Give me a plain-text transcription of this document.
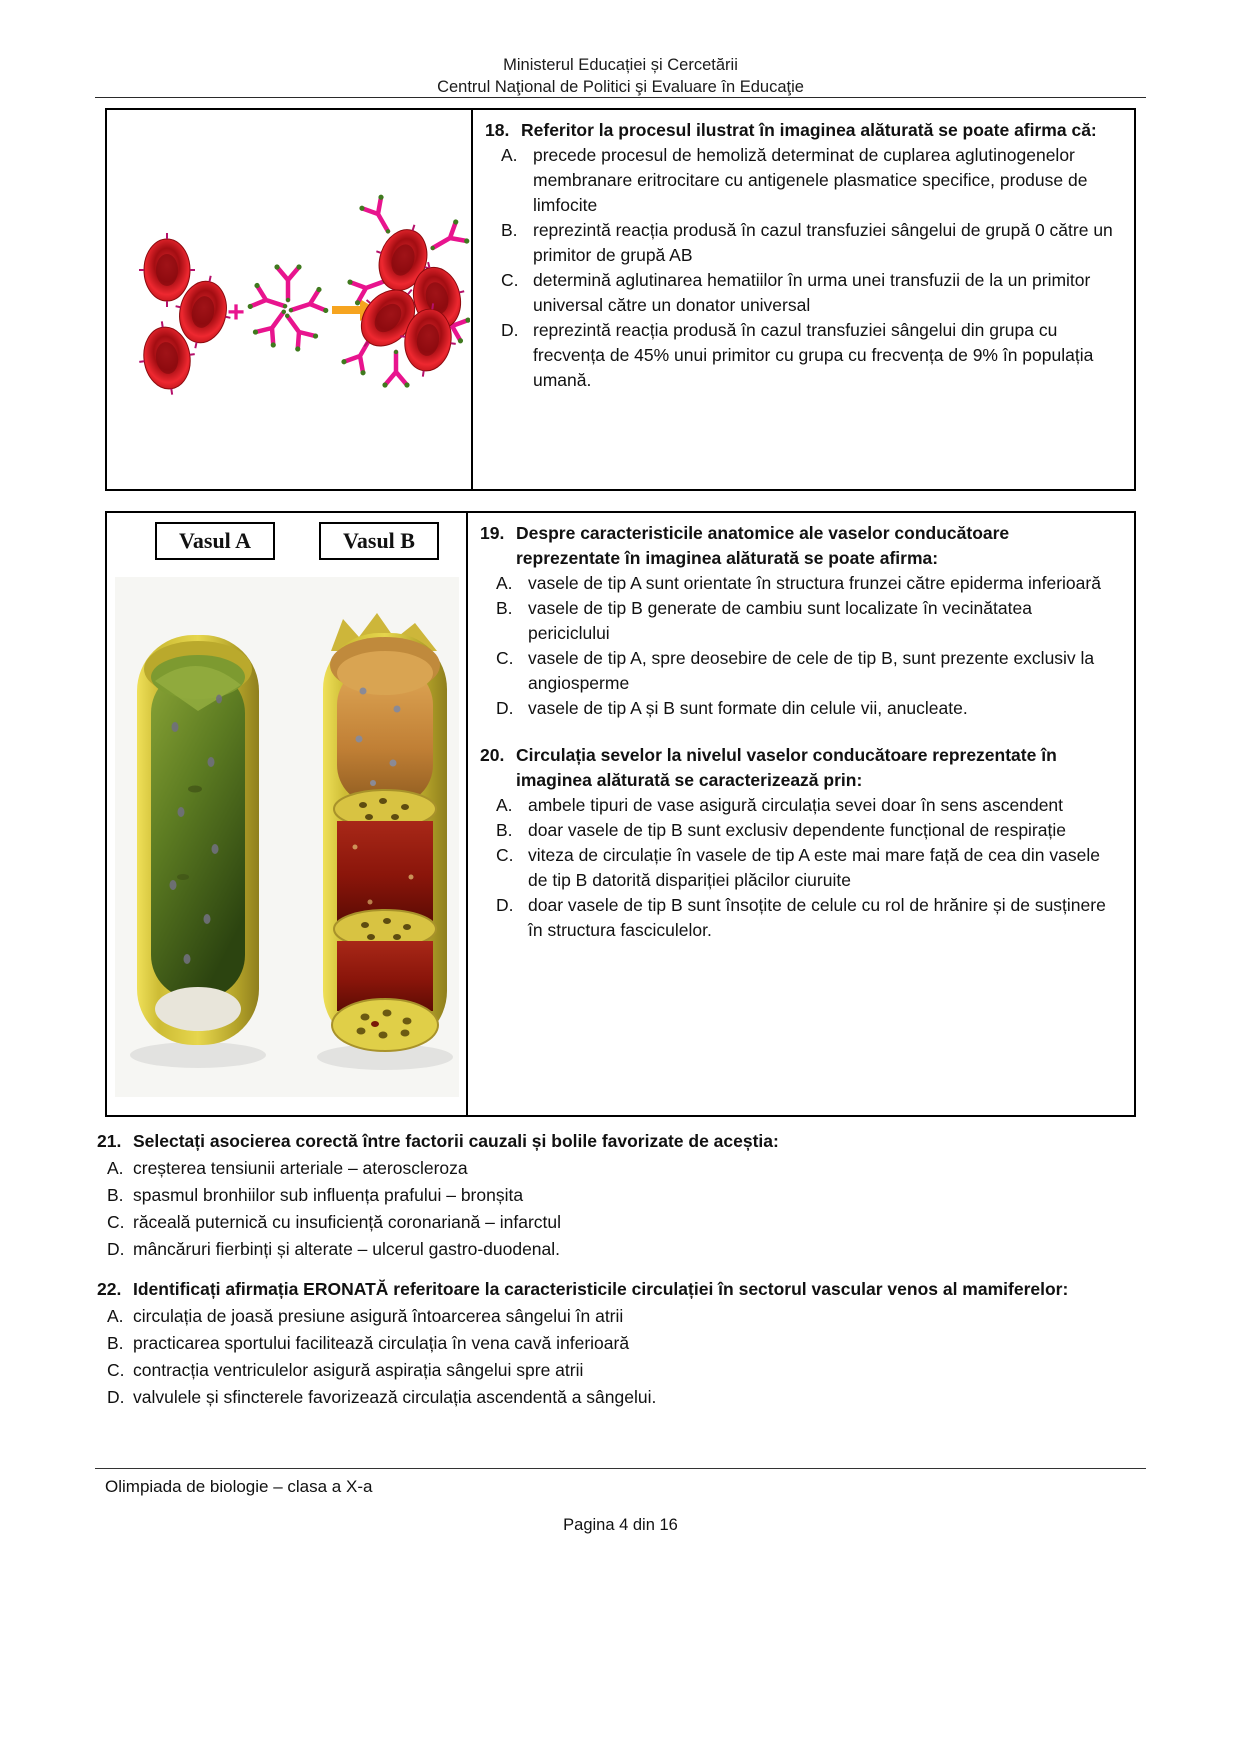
Ministerul Educației și Cercetării
Centrul Naţional de Politici şi Evaluare în Educaţie
+
18. Referitor la procesul ilustrat în imaginea alăturată se poate afirma că:
A. precede procesul de hemoliză determinat de cuplarea aglutinogenelor membranare eritrocitare cu antigenele plasmatice specifice, produse de limfocite
B. reprezintă reacția produsă în cazul transfuziei sângelui de grupă 0 către un primitor de grupă AB
C. determină aglutinarea hematiilor în urma unei transfuzii de la un primitor universal către un donator universal
D. reprezintă reacția produsă în cazul transfuziei sângelui din grupa cu frecvența de 45% unui primitor cu grupa cu frecvența de 9% în populația umană.
Vasul A	Vasul B	19. Despre caracteristicile anatomice ale vaselor conducătoare reprezentate în imaginea alăturată se poate afirma:
A. vasele de tip A sunt orientate în structura frunzei către epiderma inferioară
B. vasele de tip B generate de cambiu sunt localizate în vecinătatea periciclului
C. vasele de tip A, spre deosebire de cele de tip B, sunt prezente exclusiv la angiosperme
D. vasele de tip A și B sunt formate din celule vii, anucleate.
20. Circulația sevelor la nivelul vaselor conducătoare reprezentate în imaginea alăturată se caracterizează prin:
A. ambele tipuri de vase asigură circulația sevei doar în sens ascendent
B. doar vasele de tip B sunt exclusiv dependente funcțional de respirație
C. viteza de circulație în vasele de tip A este mai mare față de cea din vasele de tip B datorită dispariției plăcilor ciuruite
D. doar vasele de tip B sunt însoțite de celule cu rol de hrănire și de susținere în structura fasciculelor.
21. Selectați asocierea corectă între factorii cauzali și bolile favorizate de aceștia:
A. creșterea tensiunii arteriale – ateroscleroza
B. spasmul bronhiilor sub influența prafului – bronșita
C. răceală puternică cu insuficiență coronariană – infarctul
D. mâncăruri fierbinți și alterate – ulcerul gastro-duodenal.
22. Identificați afirmația ERONATĂ referitoare la caracteristicile circulației în sectorul vascular venos al mamiferelor:
A. circulația de joasă presiune asigură întoarcerea sângelui în atrii
B. practicarea sportului facilitează circulația în vena cavă inferioară
C. contracția ventriculelor asigură aspirația sângelui spre atrii
D. valvulele și sfincterele favorizează circulația ascendentă a sângelui.
Olimpiada de biologie – clasa a X-a
Pagina 4 din 16
